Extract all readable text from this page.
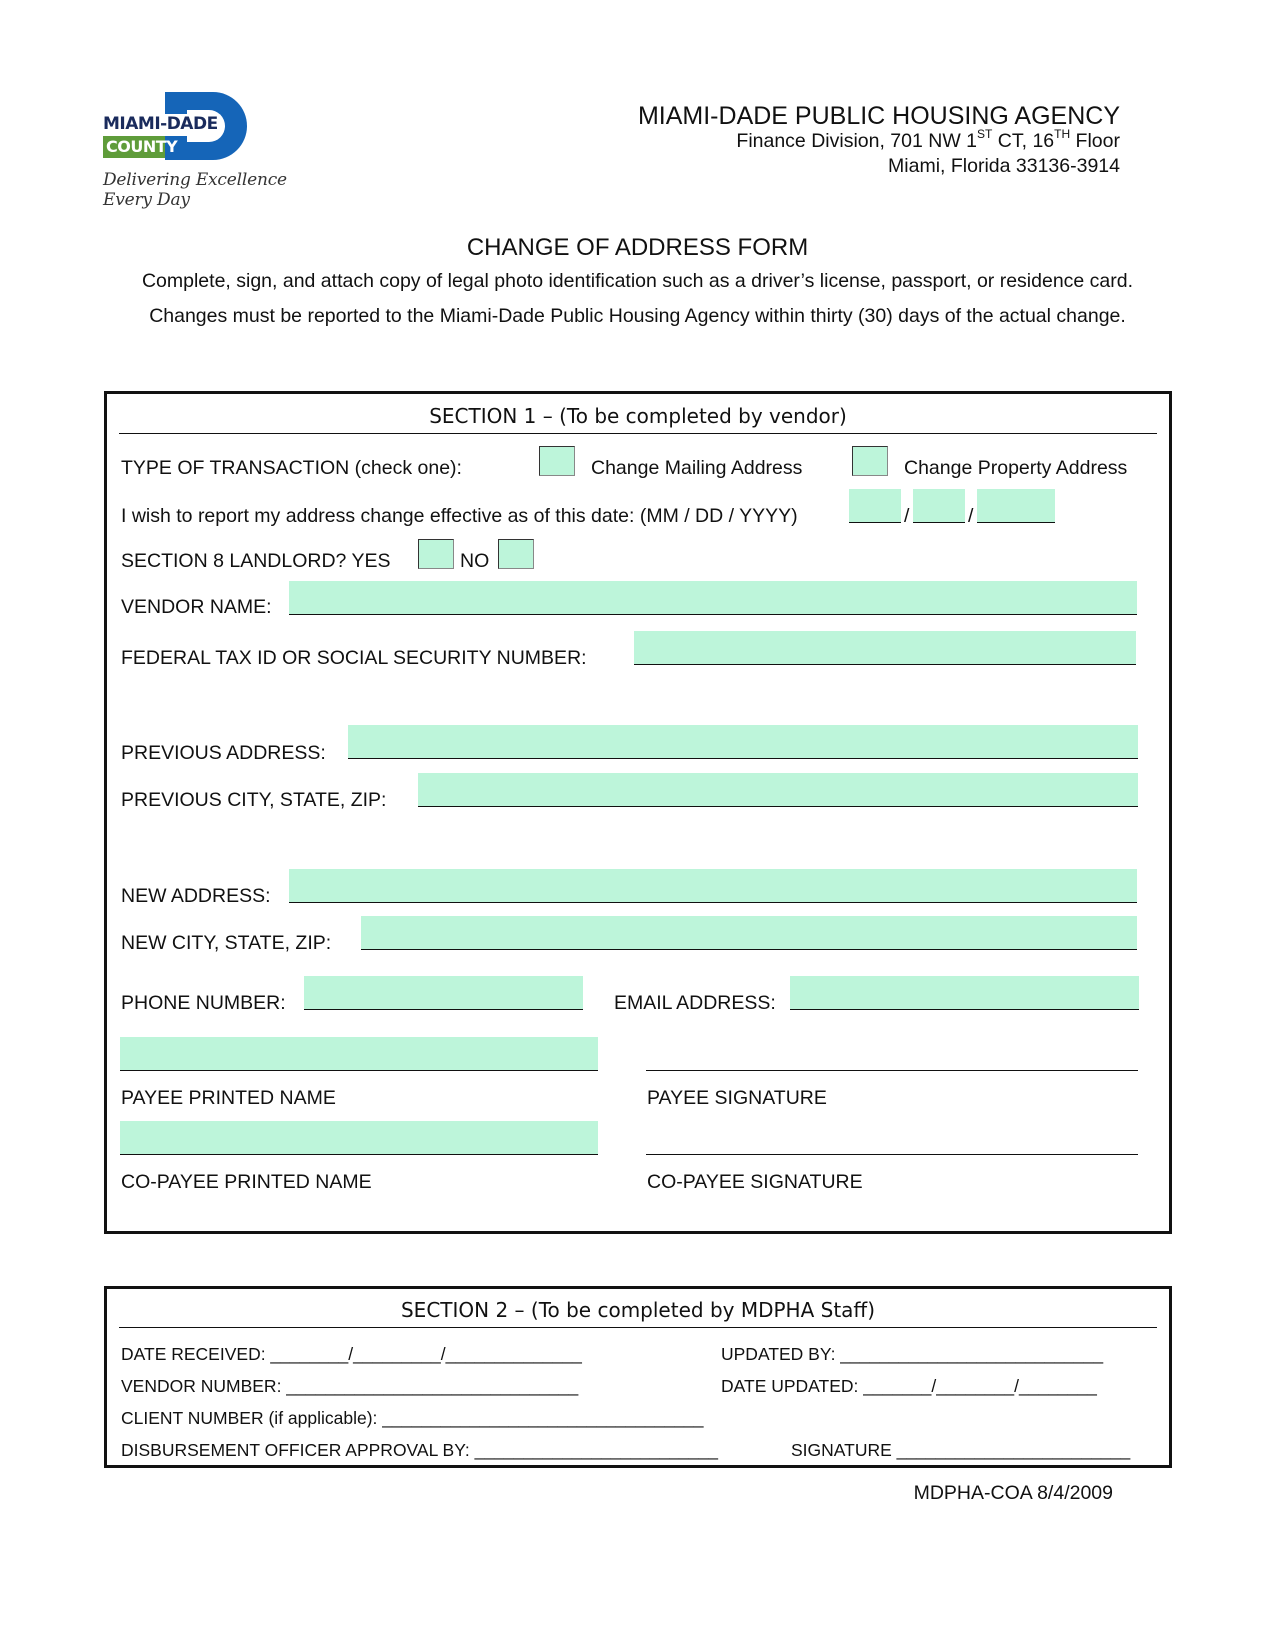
MIAMI-DADE
COUNTY
Delivering Excellence Every Day
MIAMI-DADE PUBLIC HOUSING AGENCY
Finance Division, 701 NW 1ST CT, 16TH Floor
Miami, Florida 33136-3914
CHANGE OF ADDRESS FORM
Complete, sign, and attach copy of legal photo identification such as a driver’s license, passport, or residence card.
Changes must be reported to the Miami-Dade Public Housing Agency within thirty (30) days of the actual change.
SECTION 1 – (To be completed by vendor)
TYPE OF TRANSACTION (check one):	Change Mailing Address	Change Property Address
I wish to report my address change effective as of this date: (MM / DD / YYYY)	/	/
SECTION 8 LANDLORD? YES	NO
VENDOR NAME:
FEDERAL TAX ID OR SOCIAL SECURITY NUMBER:
PREVIOUS ADDRESS:
PREVIOUS CITY, STATE, ZIP:
NEW ADDRESS:
NEW CITY, STATE, ZIP:
PHONE NUMBER:	EMAIL ADDRESS:
PAYEE PRINTED NAME	PAYEE SIGNATURE
CO-PAYEE PRINTED NAME	CO-PAYEE SIGNATURE
SECTION 2 – (To be completed by MDPHA Staff)
DATE RECEIVED: ________/_________/______________	UPDATED BY: ___________________________
VENDOR NUMBER: ______________________________	DATE UPDATED: _______/________/________
CLIENT NUMBER (if applicable): _________________________________
DISBURSEMENT OFFICER APPROVAL BY: _________________________	SIGNATURE ________________________
MDPHA-COA 8/4/2009
